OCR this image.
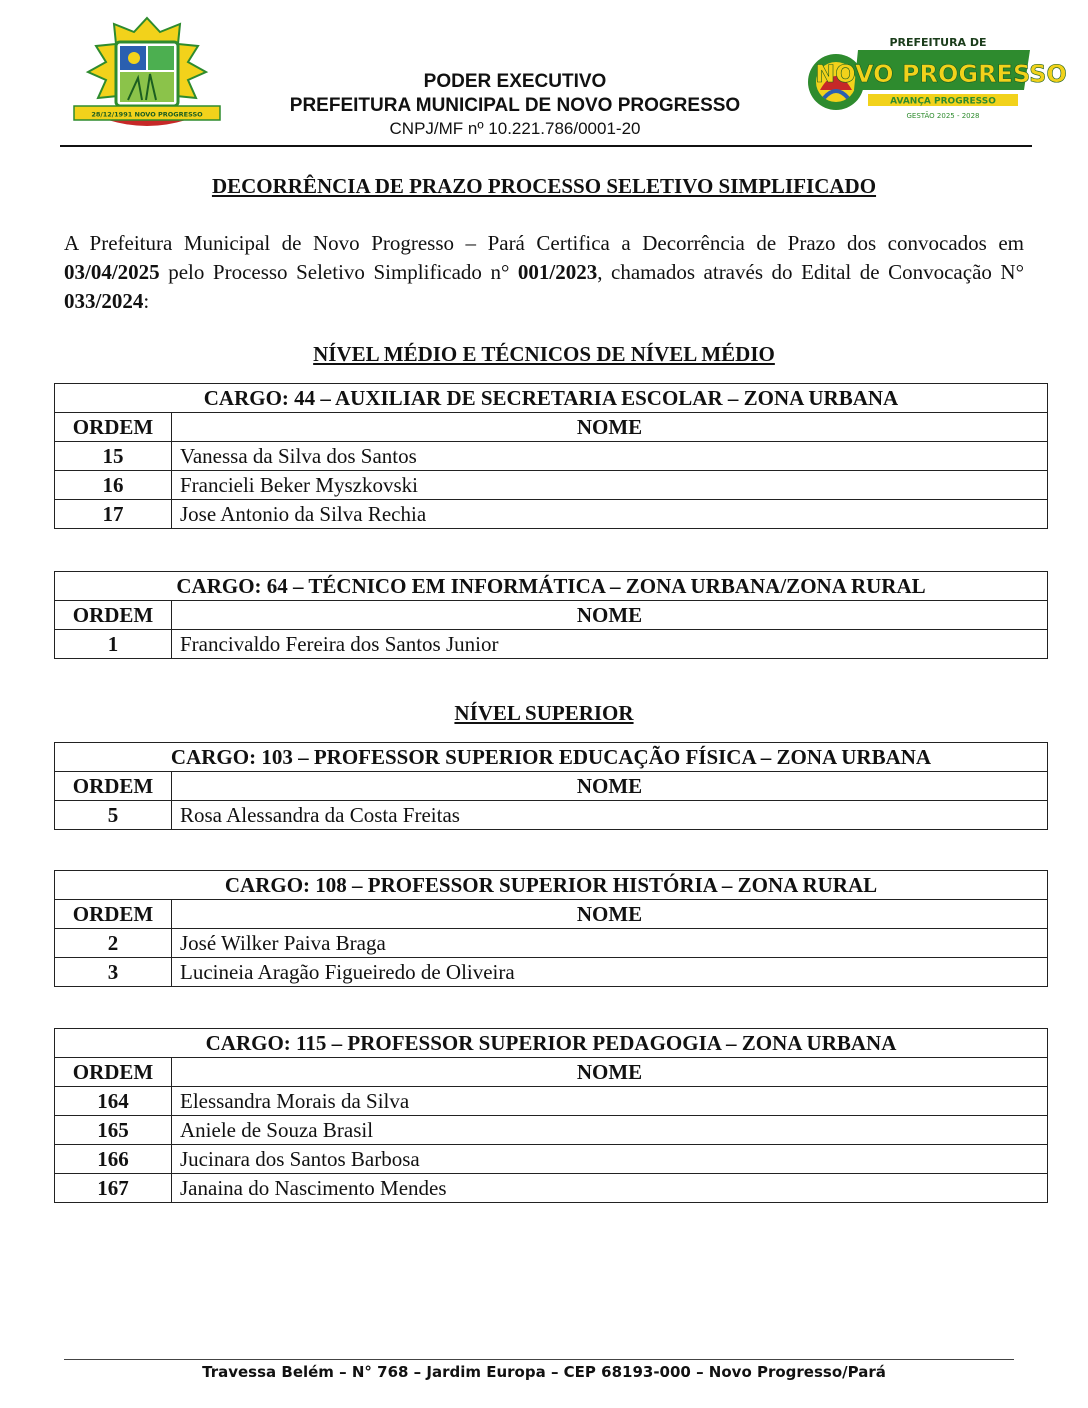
28/12/1991 NOVO PROGRESSO
PODER EXECUTIVO
PREFEITURA MUNICIPAL DE NOVO PROGRESSO
CNPJ/MF nº 10.221.786/0001-20
PREFEITURA DE
NOVO PROGRESSO
AVANÇA PROGRESSO
GESTÃO 2025 - 2028
DECORRÊNCIA DE PRAZO PROCESSO SELETIVO SIMPLIFICADO

A Prefeitura Municipal de Novo Progresso – Pará Certifica a Decorrência de Prazo dos convocados em 03/04/2025 pelo Processo Seletivo Simplificado n° 001/2023, chamados através do Edital de Convocação N° 033/2024:

NÍVEL MÉDIO E TÉCNICOS DE NÍVEL MÉDIO
CARGO: 44 – AUXILIAR DE SECRETARIA ESCOLAR – ZONA URBANA	
ORDEM	NOME
15	Vanessa da Silva dos Santos
16	Francieli Beker Myszkovski
17	Jose Antonio da Silva Rechia
CARGO: 64 – TÉCNICO EM INFORMÁTICA – ZONA URBANA/ZONA RURAL	
ORDEM	NOME
1	Francivaldo Fereira dos Santos Junior
NÍVEL SUPERIOR
CARGO: 103 – PROFESSOR SUPERIOR EDUCAÇÃO FÍSICA – ZONA URBANA	
ORDEM	NOME
5	Rosa Alessandra da Costa Freitas
CARGO: 108 – PROFESSOR SUPERIOR HISTÓRIA – ZONA RURAL	
ORDEM	NOME
2	José Wilker Paiva Braga
3	Lucineia Aragão Figueiredo de Oliveira
CARGO: 115 – PROFESSOR SUPERIOR PEDAGOGIA – ZONA URBANA	
ORDEM	NOME
164	Elessandra Morais da Silva
165	Aniele de Souza Brasil
166	Jucinara dos Santos Barbosa
167	Janaina do Nascimento Mendes
Travessa Belém – N° 768 – Jardim Europa – CEP 68193-000 – Novo Progresso/Pará
